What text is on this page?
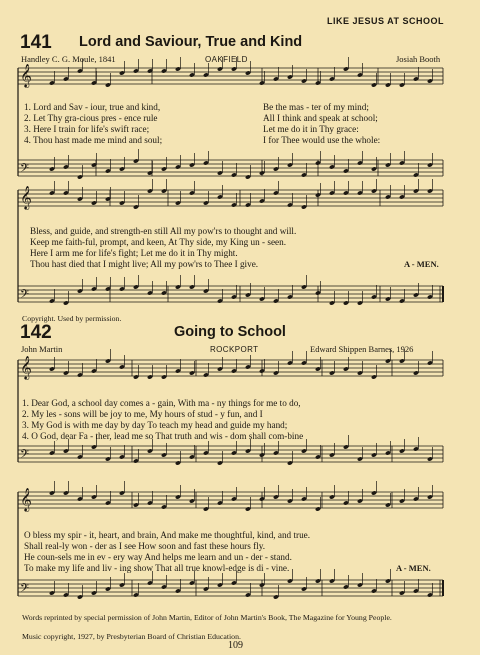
𝄞
𝄢
𝄞
𝄢
𝄞
𝄢
𝄞
𝄢
LIKE JESUS AT SCHOOL
141 Lord and Saviour, True and Kind
Handley C. G. Moule, 1841	OAKFIELD	Josiah Booth
1. Lord and Sav - iour, true and kind,
2. Let Thy gra-cious pres - ence rule
3. Here I train for life's swift race;
4. Thou hast made me mind and soul;
Be the mas - ter of my mind;
All I think and speak at school;
Let me do it in Thy grace:
I for Thee would use the whole:
Bless, and guide, and strength-en still All my pow'rs to thought and will.
Keep me faith-ful, prompt, and keen, At Thy side, my King un - seen.
Here I arm me for life's fight; Let me do it in Thy might.
Thou hast died that I might live; All my pow'rs to Thee I give.	A - MEN.
Copyright. Used by permission.
142	Going to School
John Martin	ROCKPORT	Edward Shippen Barnes, 1926
1. Dear God, a school day comes a - gain, With ma - ny things for me to do,
2. My les - sons will be joy to me, My hours of stud - y fun, and I
3. My God is with me day by day To teach my head and guide my hand;
4. O God, dear Fa - ther, lead me so That truth and wis - dom shall com-bine
O bless my spir - it, heart, and brain, And make me thoughtful, kind, and true.
Shall real-ly won - der as I see How soon and fast these hours fly.
He coun-sels me in ev - ery way And helps me learn and un - der - stand.
To make my life and liv - ing show That all true knowl-edge is di - vine.	A - MEN.
Words reprinted by special permission of John Martin, Editor of John Martin's Book, The Magazine for Young People.
Music copyright, 1927, by Presbyterian Board of Christian Education.
109
